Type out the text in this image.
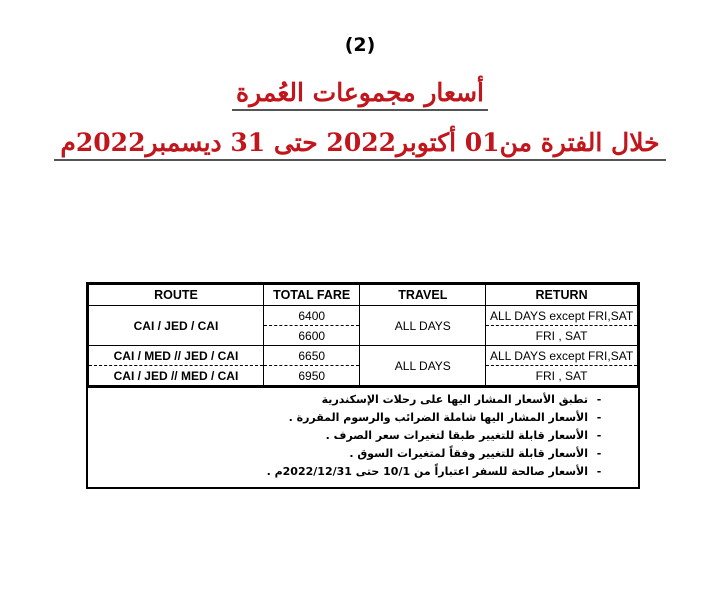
(2)
أسعار مجموعات العُمرة
خلال الفترة من01 أكتوبر2022 حتى 31 ديسمبر2022م
ROUTE	TOTAL FARE	TRAVEL	RETURN
CAI / JED / CAI	6400	ALL DAYS	ALL DAYS except FRI,SAT
	6600		FRI , SAT
CAI / MED // JED / CAI	6650	ALL DAYS	ALL DAYS except FRI,SAT
CAI / JED // MED / CAI	6950		FRI , SAT
-تطبق الأسعار المشار اليها على رحلات الإسكندرية
-الأسعار المشار اليها شاملة الضرائب والرسوم المقررة .
-الأسعار قابلة للتغيير طبقا لتغيرات سعر الصرف .
-الأسعار قابلة للتغيير وفقاً لمتغيرات السوق .
-الأسعار صالحة للسفر اعتباراً من 10/1 حتى 2022/12/31م .
